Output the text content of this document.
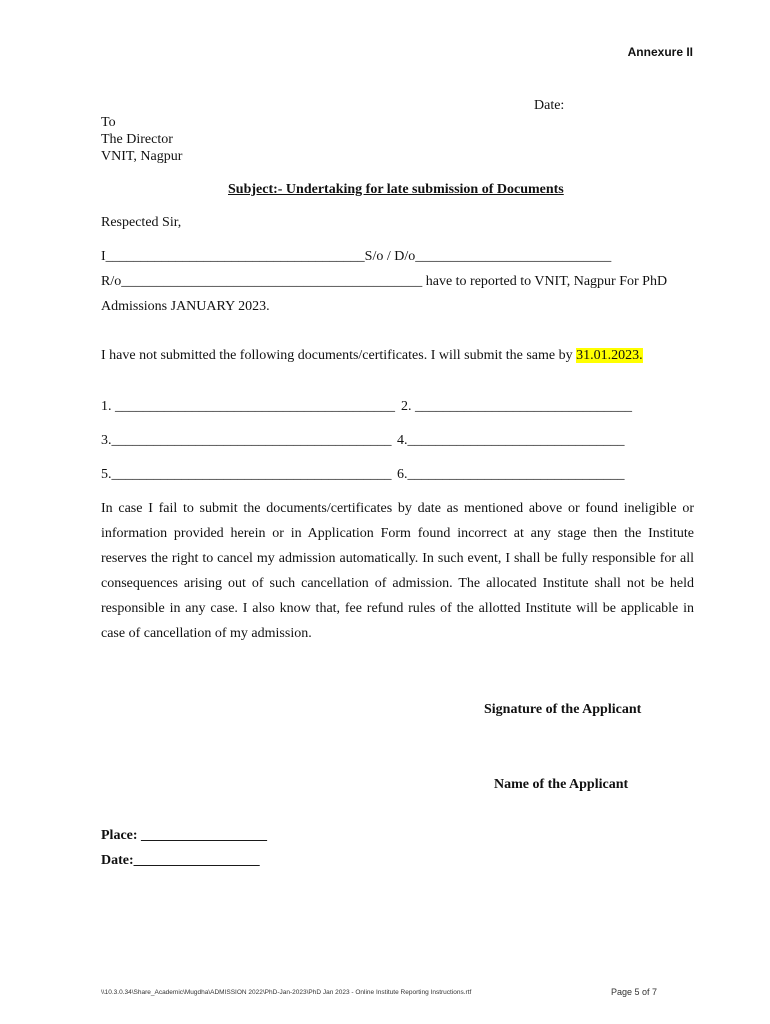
Annexure II
Date:
To
The Director
VNIT, Nagpur
Subject:- Undertaking for late submission of Documents
Respected Sir,
I_____________________________________S/o / D/o____________________________
R/o___________________________________________ have to reported to VNIT, Nagpur For PhD
Admissions JANUARY 2023.
I have not submitted the following documents/certificates. I will submit the same by 31.01.2023.
1. ________________________________________ 2. _______________________________
3.________________________________________ 4._______________________________
5.________________________________________ 6._______________________________
In case I fail to submit the documents/certificates by date as mentioned above or found ineligible or information provided herein or in Application Form found incorrect at any stage then the Institute reserves the right to cancel my admission automatically. In such event, I shall be fully responsible for all consequences arising out of such cancellation of admission. The allocated Institute shall not be held responsible in any case. I also know that, fee refund rules of the allotted Institute will be applicable in case of cancellation of my admission.
Signature of the Applicant
Name of the Applicant
Place: __________________
Date:__________________
\\10.3.0.34\Share_Academic\Mugdha\ADMISSION 2022\PhD-Jan-2023\PhD Jan 2023 - Online Institute Reporting Instructions.rtf	Page 5 of 7
